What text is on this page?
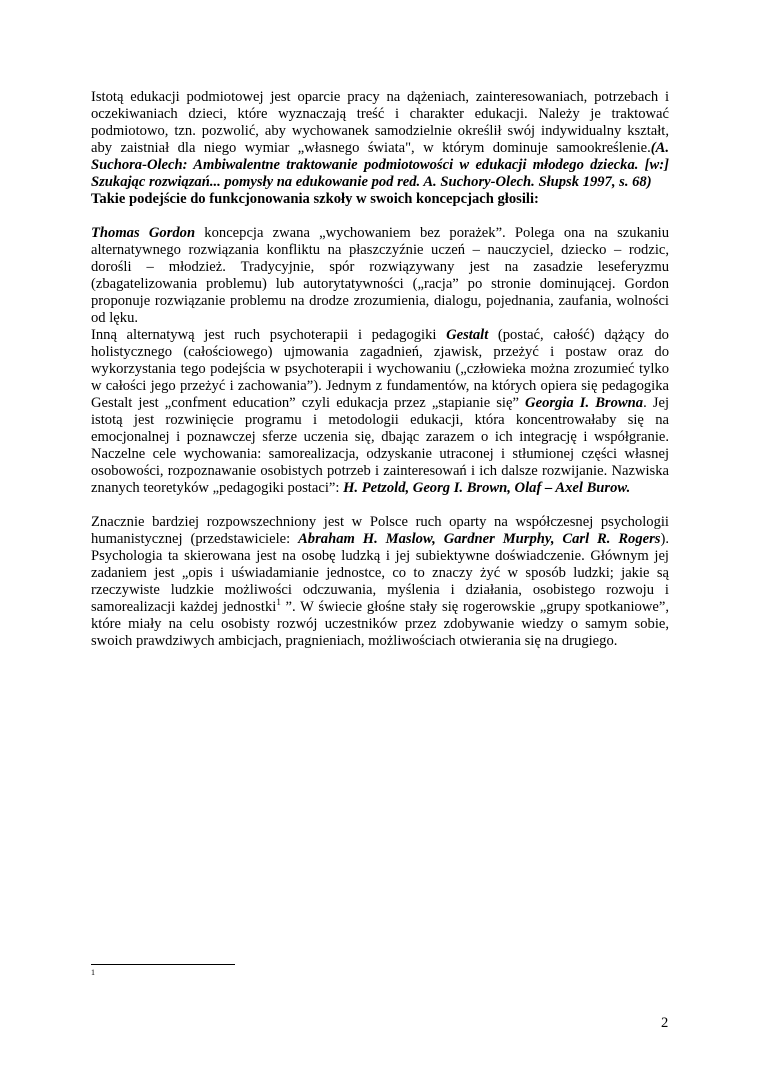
Istotą edukacji podmiotowej jest oparcie pracy na dążeniach, zainteresowaniach, potrzebach i oczekiwaniach dzieci, które wyznaczają treść i charakter edukacji. Należy je traktować podmiotowo, tzn. pozwolić, aby wychowanek samodzielnie określił swój indywidualny kształt, aby zaistniał dla niego wymiar „własnego świata", w którym dominuje samookreślenie.(A. Suchora-Olech: Ambiwalentne traktowanie podmiotowości w edukacji młodego dziecka. [w:] Szukając rozwiązań... pomysły na edukowanie pod red. A. Suchory-Olech. Słupsk 1997, s. 68)

Takie podejście do funkcjonowania szkoły w swoich koncepcjach głosili:

Thomas Gordon koncepcja zwana „wychowaniem bez porażek”. Polega ona na szukaniu alternatywnego rozwiązania konfliktu na płaszczyźnie uczeń – nauczyciel, dziecko – rodzic, dorośli – młodzież. Tradycyjnie, spór rozwiązywany jest na zasadzie leseferyzmu (zbagatelizowania problemu) lub autorytatywności („racja” po stronie dominującej. Gordon proponuje rozwiązanie problemu na drodze zrozumienia, dialogu, pojednania, zaufania, wolności od lęku.

Inną alternatywą jest ruch psychoterapii i pedagogiki Gestalt (postać, całość) dążący do holistycznego (całościowego) ujmowania zagadnień, zjawisk, przeżyć i postaw oraz do wykorzystania tego podejścia w psychoterapii i wychowaniu („człowieka można zrozumieć tylko w całości jego przeżyć i zachowania”). Jednym z fundamentów, na których opiera się pedagogika Gestalt jest „confment education” czyli edukacja przez „stapianie się” Georgia I. Browna. Jej istotą jest rozwinięcie programu i metodologii edukacji, która koncentrowałaby się na emocjonalnej i poznawczej sferze uczenia się, dbając zarazem o ich integrację i współgranie. Naczelne cele wychowania: samorealizacja, odzyskanie utraconej i stłumionej części własnej osobowości, rozpoznawanie osobistych potrzeb i zainteresowań i ich dalsze rozwijanie. Nazwiska znanych teoretyków „pedagogiki postaci”: H. Petzold, Georg I. Brown, Olaf – Axel Burow.

Znacznie bardziej rozpowszechniony jest w Polsce ruch oparty na współczesnej psychologii humanistycznej (przedstawiciele: Abraham H. Maslow, Gardner Murphy, Carl R. Rogers). Psychologia ta skierowana jest na osobę ludzką i jej subiektywne doświadczenie. Głównym jej zadaniem jest „opis i uświadamianie jednostce, co to znaczy żyć w sposób ludzki; jakie są rzeczywiste ludzkie możliwości odczuwania, myślenia i działania, osobistego rozwoju i samorealizacji każdej jednostki$^1$ ”. W świecie głośne stały się rogerowskie „grupy spotkaniowe”, które miały na celu osobisty rozwój uczestników przez zdobywanie wiedzy o samym sobie, swoich prawdziwych ambicjach, pragnieniach, możliwościach otwierania się na drugiego.

1
2
